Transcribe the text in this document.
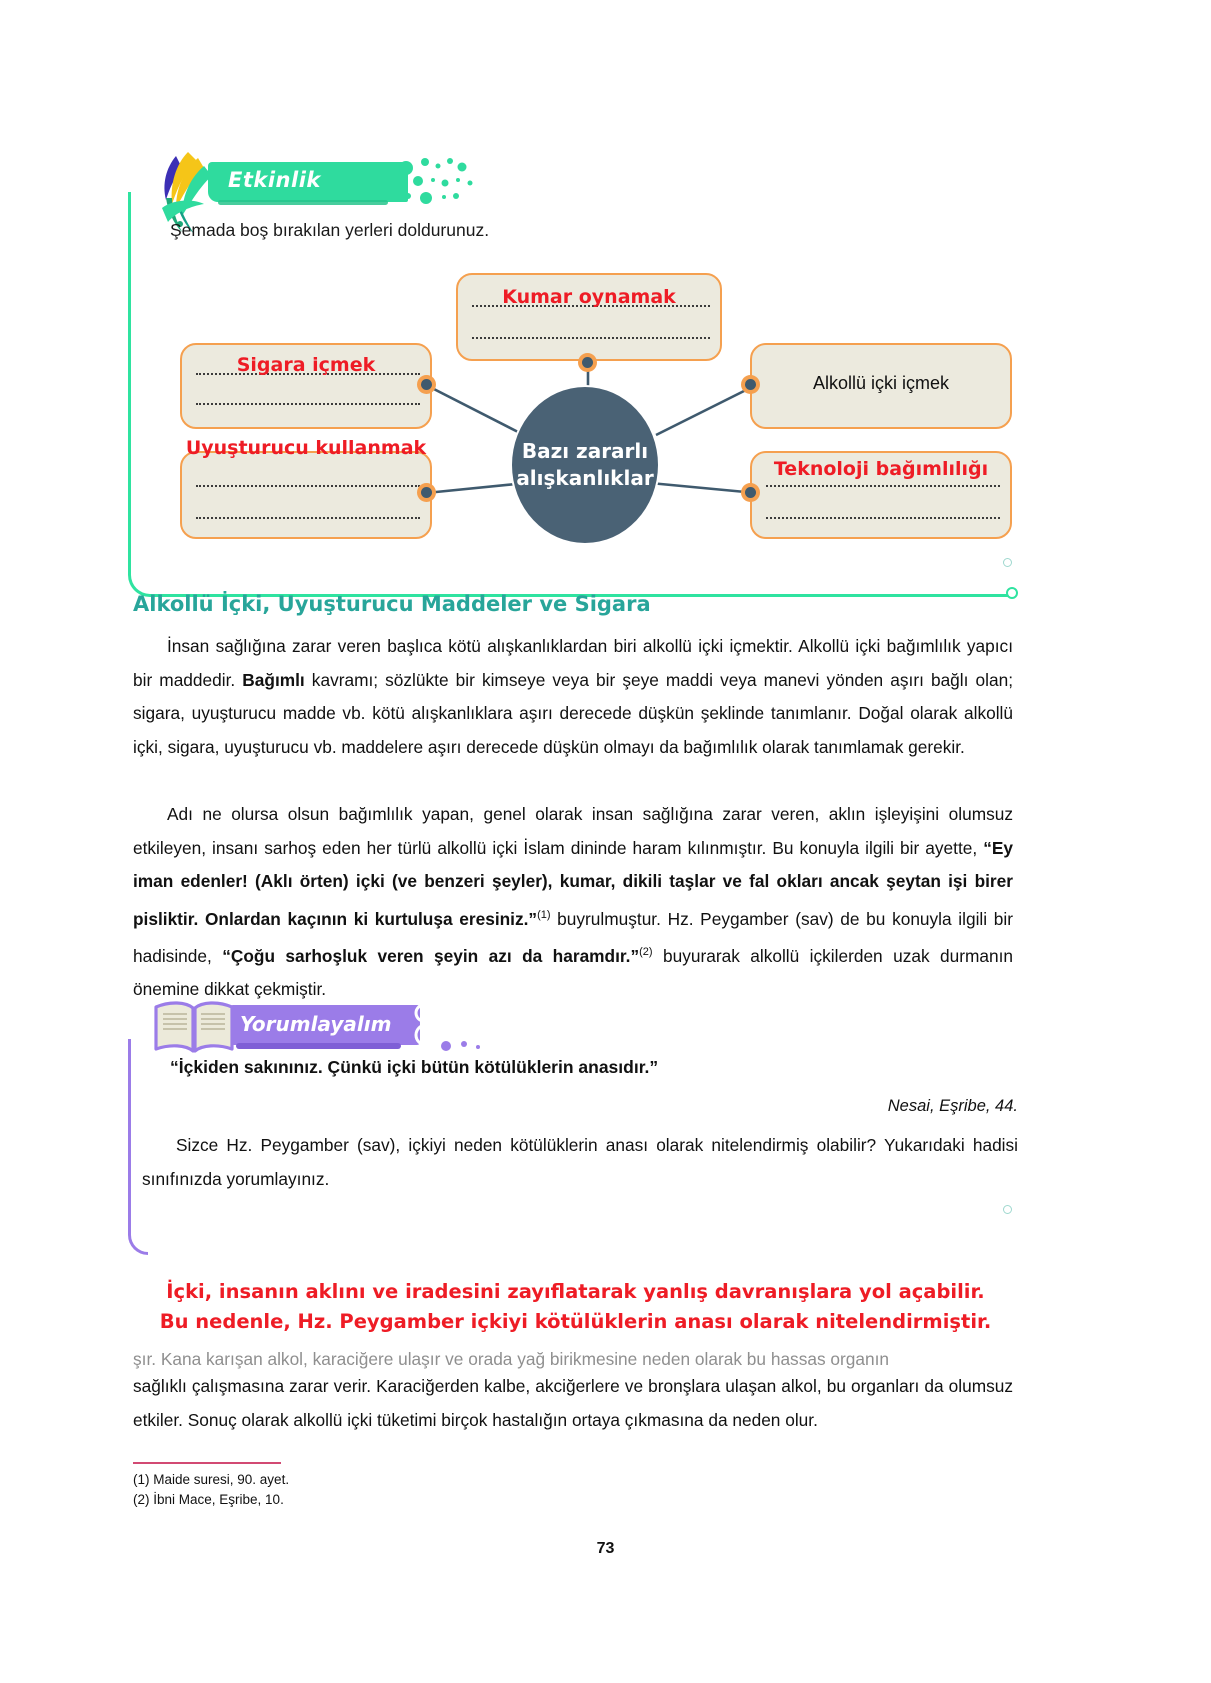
Etkinlik
Şemada boş bırakılan yerleri doldurunuz.
Kumar oynamak
Sigara içmek
Uyuşturucu kullanmak
Alkollü içki içmek
Teknoloji bağımlılığı
Bazı zararlı alışkanlıklar
Alkollü İçki, Uyuşturucu Maddeler ve Sigara

İnsan sağlığına zarar veren başlıca kötü alışkanlıklardan biri alkollü içki içmektir. Alkollü içki bağımlılık yapıcı bir maddedir. Bağımlı kavramı; sözlükte bir kimseye veya bir şeye maddi veya manevi yönden aşırı bağlı olan; sigara, uyuşturucu madde vb. kötü alışkanlıklara aşırı derecede düşkün şeklinde tanımlanır. Doğal olarak alkollü içki, sigara, uyuşturucu vb. maddelere aşırı derecede düşkün olmayı da bağımlılık olarak tanımlamak gerekir.

Adı ne olursa olsun bağımlılık yapan, genel olarak insan sağlığına zarar veren, aklın işleyişini olumsuz etkileyen, insanı sarhoş eden her türlü alkollü içki İslam dininde haram kılınmıştır. Bu konuyla ilgili bir ayette, “Ey iman edenler! (Aklı örten) içki (ve benzeri şeyler), kumar, dikili taşlar ve fal okları ancak şeytan işi birer pisliktir. Onlardan kaçının ki kurtuluşa eresiniz.”$^{(1)}$ buyrulmuştur. Hz. Peygamber (sav) de bu konuyla ilgili bir hadisinde, “Çoğu sarhoşluk veren şeyin azı da haramdır.”$^{(2)}$ buyurarak alkollü içkilerden uzak durmanın önemine dikkat çekmiştir.

Yorumlayalım
“İçkiden sakınınız. Çünkü içki bütün kötülüklerin anasıdır.”
Nesai, Eşribe, 44.
Sizce Hz. Peygamber (sav), içkiyi neden kötülüklerin anası olarak nitelendirmiş olabilir? Yukarıdaki hadisi sınıfınızda yorumlayınız.
İçki, insanın aklını ve iradesini zayıflatarak yanlış davranışlara yol açabilir.
Bu nedenle, Hz. Peygamber içkiyi kötülüklerin anası olarak nitelendirmiştir.
şır. Kana karışan alkol, karaciğere ulaşır ve orada yağ birikmesine neden olarak bu hassas organın

sağlıklı çalışmasına zarar verir. Karaciğerden kalbe, akciğerlere ve bronşlara ulaşan alkol, bu organları da olumsuz etkiler. Sonuç olarak alkollü içki tüketimi birçok hastalığın ortaya çıkmasına da neden olur.

(1) Maide suresi, 90. ayet.
(2) İbni Mace, Eşribe, 10.
73
